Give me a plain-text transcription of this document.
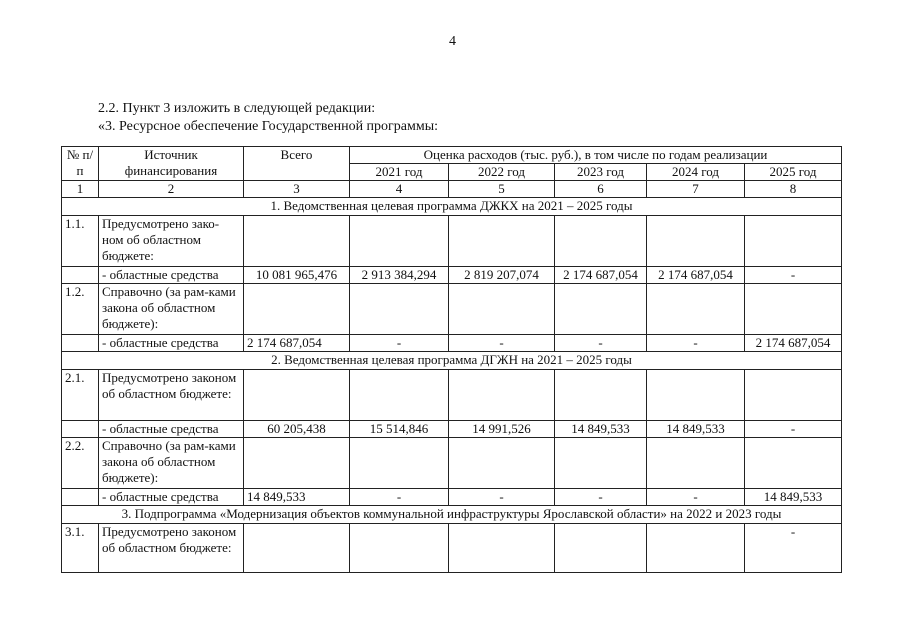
4
2.2. Пункт 3 изложить в следующей редакции:
«3. Ресурсное обеспечение Государственной программы:
№ п/п	Источник финансирования	Всего	Оценка расходов (тыс. руб.), в том числе по годам реализации				
			2021 год	2022 год	2023 год	2024 год	2025 год
1	2	3	4	5	6	7	8
1. Ведомственная целевая программа ДЖКХ на 2021 – 2025 годы							
1.1.	Предусмотрено зако-ном об областном бюджете:						
	- областные средства	10 081 965,476	2 913 384,294	2 819 207,074	2 174 687,054	2 174 687,054	-
1.2.	Справочно (за рам-ками закона об областном бюджете):						
	- областные средства	2 174 687,054	-	-	-	-	2 174 687,054
2. Ведомственная целевая программа ДГЖН на 2021 – 2025 годы							
2.1.	Предусмотрено законом об областном бюджете:						
	- областные средства	60 205,438	15 514,846	14 991,526	14 849,533	14 849,533	-
2.2.	Справочно (за рам-ками закона об областном бюджете):						
	- областные средства	14 849,533	-	-	-	-	14 849,533
3. Подпрограмма «Модернизация объектов коммунальной инфраструктуры Ярославской области» на 2022 и 2023 годы							
3.1.	Предусмотрено законом об областном бюджете:						-
